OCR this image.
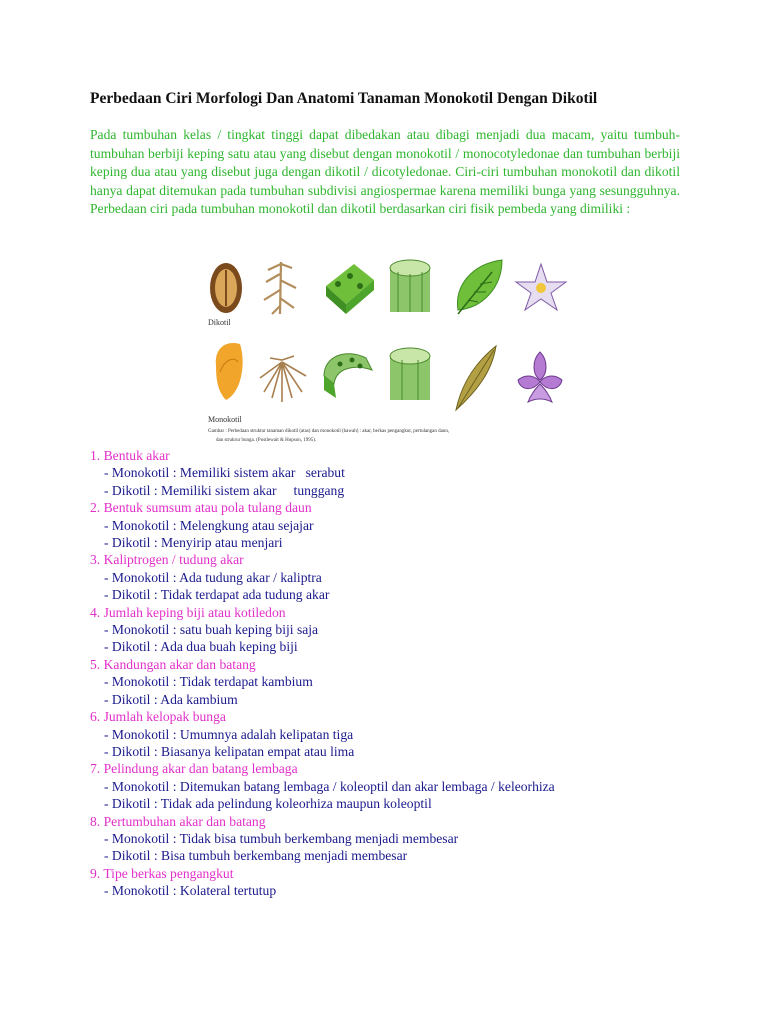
Perbedaan Ciri Morfologi Dan Anatomi Tanaman Monokotil Dengan Dikotil

Pada tumbuhan kelas / tingkat tinggi dapat dibedakan atau dibagi menjadi dua macam, yaitu tumbuh-tumbuhan berbiji keping satu atau yang disebut dengan monokotil / monocotyledonae dan tumbuhan berbiji keping dua atau yang disebut juga dengan dikotil / dicotyledonae. Ciri-ciri tumbuhan monokotil dan dikotil hanya dapat ditemukan pada tumbuhan subdivisi angiospermae karena memiliki bunga yang sesungguhnya. Perbedaan ciri pada tumbuhan monokotil dan dikotil berdasarkan ciri fisik pembeda yang dimiliki :

Dikotil
Monokotil
Gambar : Perbedaan struktur tanaman dikotil (atas) dan monokotil (bawah) : akar, berkas pengangkut, pertulangan daun,
dan strukrur bunga. (Postlewait & Hopson, 1995).
1. Bentuk akar
- Monokotil : Memiliki sistem akar   serabut
- Dikotil : Memiliki sistem akar     tunggang
2. Bentuk sumsum atau pola tulang daun
- Monokotil : Melengkung atau sejajar
- Dikotil : Menyirip atau menjari
3. Kaliptrogen / tudung akar
- Monokotil : Ada tudung akar / kaliptra
- Dikotil : Tidak terdapat ada tudung akar
4. Jumlah keping biji atau kotiledon
- Monokotil : satu buah keping biji saja
- Dikotil : Ada dua buah keping biji
5. Kandungan akar dan batang
- Monokotil : Tidak terdapat kambium
- Dikotil : Ada kambium
6. Jumlah kelopak bunga
- Monokotil : Umumnya adalah kelipatan tiga
- Dikotil : Biasanya kelipatan empat atau lima
7. Pelindung akar dan batang lembaga
- Monokotil : Ditemukan batang lembaga / koleoptil dan akar lembaga / keleorhiza
- Dikotil : Tidak ada pelindung koleorhiza maupun koleoptil
8. Pertumbuhan akar dan batang
- Monokotil : Tidak bisa tumbuh berkembang menjadi membesar
- Dikotil : Bisa tumbuh berkembang menjadi membesar
9. Tipe berkas pengangkut
- Monokotil : Kolateral tertutup
